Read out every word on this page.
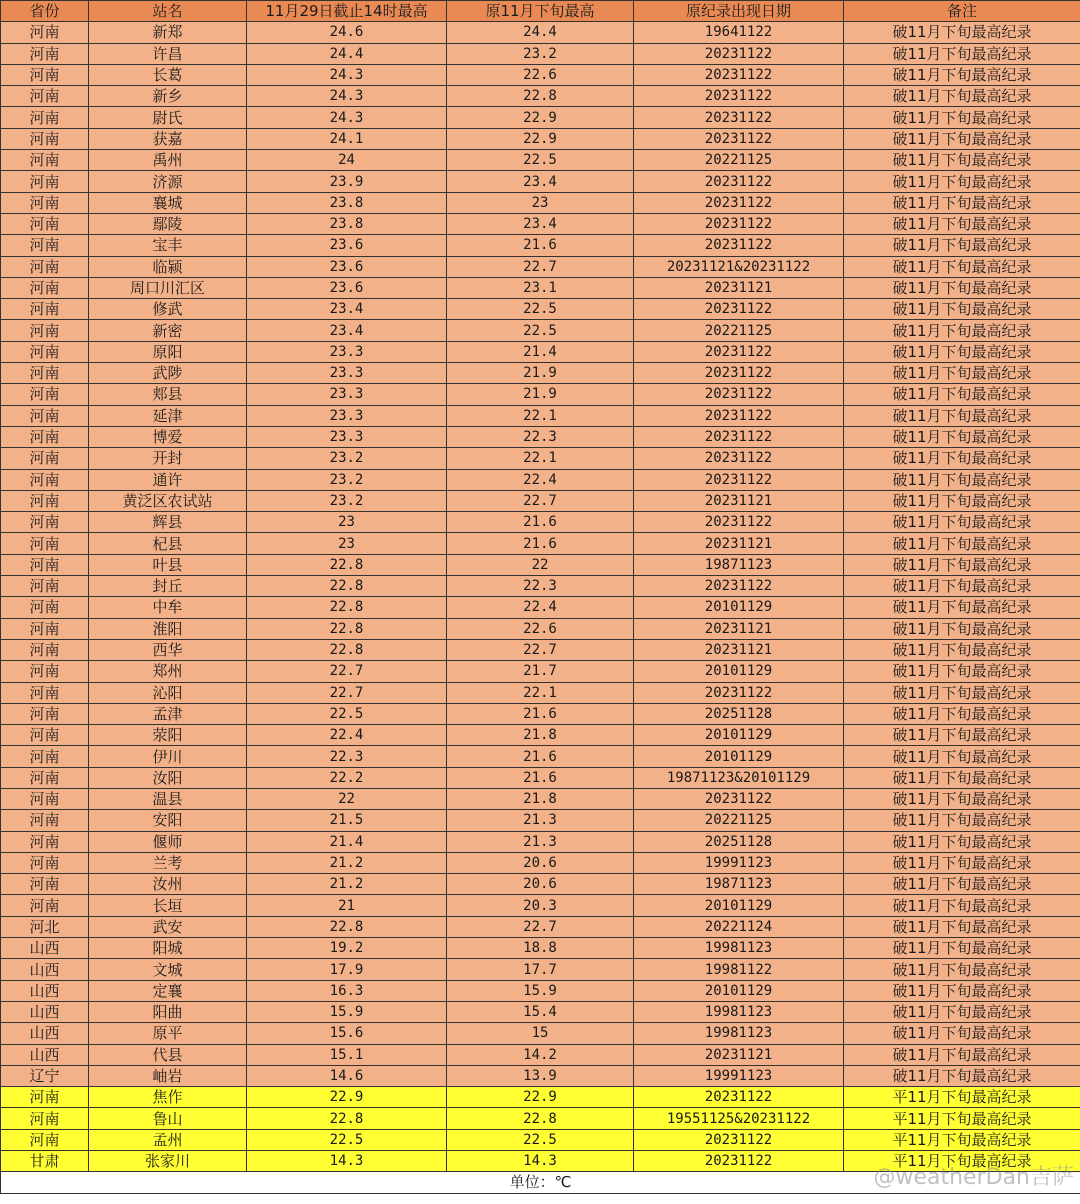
省份	站名	11月29日截止14时最高	原11月下旬最高	原纪录出现日期	备注
河南	新郑	24.6	24.4	19641122	破11月下旬最高纪录
河南	许昌	24.4	23.2	20231122	破11月下旬最高纪录
河南	长葛	24.3	22.6	20231122	破11月下旬最高纪录
河南	新乡	24.3	22.8	20231122	破11月下旬最高纪录
河南	尉氏	24.3	22.9	20231122	破11月下旬最高纪录
河南	获嘉	24.1	22.9	20231122	破11月下旬最高纪录
河南	禹州	24	22.5	20221125	破11月下旬最高纪录
河南	济源	23.9	23.4	20231122	破11月下旬最高纪录
河南	襄城	23.8	23	20231122	破11月下旬最高纪录
河南	鄢陵	23.8	23.4	20231122	破11月下旬最高纪录
河南	宝丰	23.6	21.6	20231122	破11月下旬最高纪录
河南	临颍	23.6	22.7	20231121&20231122	破11月下旬最高纪录
河南	周口川汇区	23.6	23.1	20231121	破11月下旬最高纪录
河南	修武	23.4	22.5	20231122	破11月下旬最高纪录
河南	新密	23.4	22.5	20221125	破11月下旬最高纪录
河南	原阳	23.3	21.4	20231122	破11月下旬最高纪录
河南	武陟	23.3	21.9	20231122	破11月下旬最高纪录
河南	郏县	23.3	21.9	20231122	破11月下旬最高纪录
河南	延津	23.3	22.1	20231122	破11月下旬最高纪录
河南	博爱	23.3	22.3	20231122	破11月下旬最高纪录
河南	开封	23.2	22.1	20231122	破11月下旬最高纪录
河南	通许	23.2	22.4	20231122	破11月下旬最高纪录
河南	黄泛区农试站	23.2	22.7	20231121	破11月下旬最高纪录
河南	辉县	23	21.6	20231122	破11月下旬最高纪录
河南	杞县	23	21.6	20231121	破11月下旬最高纪录
河南	叶县	22.8	22	19871123	破11月下旬最高纪录
河南	封丘	22.8	22.3	20231122	破11月下旬最高纪录
河南	中牟	22.8	22.4	20101129	破11月下旬最高纪录
河南	淮阳	22.8	22.6	20231121	破11月下旬最高纪录
河南	西华	22.8	22.7	20231121	破11月下旬最高纪录
河南	郑州	22.7	21.7	20101129	破11月下旬最高纪录
河南	沁阳	22.7	22.1	20231122	破11月下旬最高纪录
河南	孟津	22.5	21.6	20251128	破11月下旬最高纪录
河南	荥阳	22.4	21.8	20101129	破11月下旬最高纪录
河南	伊川	22.3	21.6	20101129	破11月下旬最高纪录
河南	汝阳	22.2	21.6	19871123&20101129	破11月下旬最高纪录
河南	温县	22	21.8	20231122	破11月下旬最高纪录
河南	安阳	21.5	21.3	20221125	破11月下旬最高纪录
河南	偃师	21.4	21.3	20251128	破11月下旬最高纪录
河南	兰考	21.2	20.6	19991123	破11月下旬最高纪录
河南	汝州	21.2	20.6	19871123	破11月下旬最高纪录
河南	长垣	21	20.3	20101129	破11月下旬最高纪录
河北	武安	22.8	22.7	20221124	破11月下旬最高纪录
山西	阳城	19.2	18.8	19981123	破11月下旬最高纪录
山西	文城	17.9	17.7	19981122	破11月下旬最高纪录
山西	定襄	16.3	15.9	20101129	破11月下旬最高纪录
山西	阳曲	15.9	15.4	19981123	破11月下旬最高纪录
山西	原平	15.6	15	19981123	破11月下旬最高纪录
山西	代县	15.1	14.2	20231121	破11月下旬最高纪录
辽宁	岫岩	14.6	13.9	19991123	破11月下旬最高纪录
河南	焦作	22.9	22.9	20231122	平11月下旬最高纪录
河南	鲁山	22.8	22.8	19551125&20231122	平11月下旬最高纪录
河南	孟州	22.5	22.5	20231122	平11月下旬最高纪录
甘肃	张家川	14.3	14.3	20231122	平11月下旬最高纪录
单位：℃						@weatherDan吉萨
